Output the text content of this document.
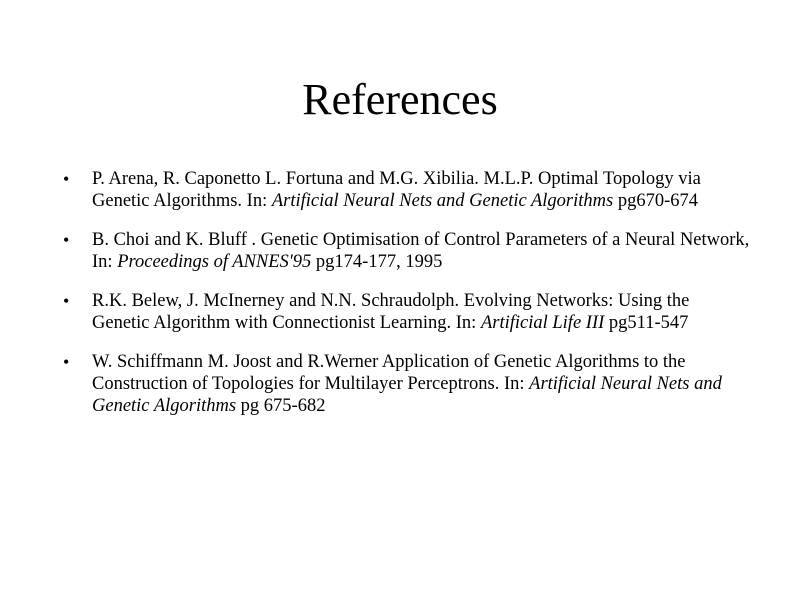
References
• P. Arena, R. Caponetto L. Fortuna and M.G. Xibilia. M.L.P. Optimal Topology via Genetic Algorithms. In: Artificial Neural Nets and Genetic Algorithms pg670-674
• B. Choi and K. Bluff . Genetic Optimisation of Control Parameters of a Neural Network, In: Proceedings of ANNES'95 pg174-177, 1995
• R.K. Belew, J. McInerney and N.N. Schraudolph. Evolving Networks: Using the Genetic Algorithm with Connectionist Learning. In: Artificial Life III pg511-547
• W. Schiffmann M. Joost and R.Werner Application of Genetic Algorithms to the Construction of Topologies for Multilayer Perceptrons. In: Artificial Neural Nets and Genetic Algorithms pg 675-682
